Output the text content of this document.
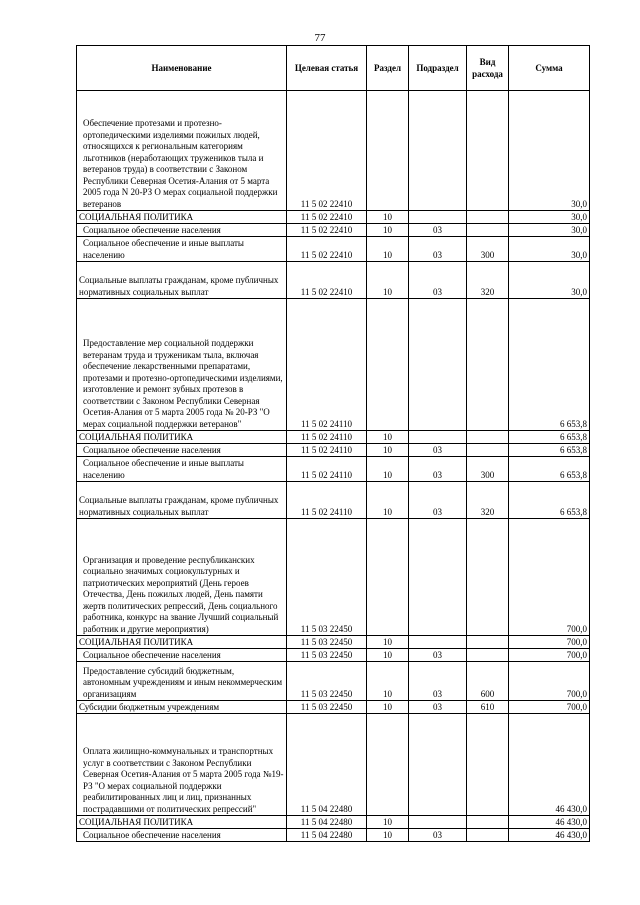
77
Наименование	Целевая статья	Раздел	Подраздел	Вид расхода	Сумма
Обеспечение протезами и протезно-ортопедическими изделиями пожилых людей, относящихся к региональным категориям льготников (неработающих тружеников тыла и ветеранов труда) в соответствии с Законом Республики Северная Осетия-Алания от 5 марта 2005 года N 20-РЗ О мерах социальной поддержки ветеранов	11 5 02 22410				30,0
СОЦИАЛЬНАЯ ПОЛИТИКА	11 5 02 22410	10			30,0
Социальное обеспечение населения	11 5 02 22410	10	03		30,0
Социальное обеспечение и иные выплаты населению	11 5 02 22410	10	03	300	30,0
Социальные выплаты гражданам, кроме публичных нормативных социальных выплат	11 5 02 22410	10	03	320	30,0
Предоставление мер социальной поддержки ветеранам труда и труженикам тыла, включая обеспечение лекарственными препаратами, протезами и протезно-ортопедическими изделиями, изготовление и ремонт зубных протезов в соответствии с Законом Республики Северная Осетия-Алания от 5 марта 2005 года № 20-РЗ "О мерах социальной поддержки ветеранов"	11 5 02 24110				6 653,8
СОЦИАЛЬНАЯ ПОЛИТИКА	11 5 02 24110	10			6 653,8
Социальное обеспечение населения	11 5 02 24110	10	03		6 653,8
Социальное обеспечение и иные выплаты населению	11 5 02 24110	10	03	300	6 653,8
Социальные выплаты гражданам, кроме публичных нормативных социальных выплат	11 5 02 24110	10	03	320	6 653,8
Организация и проведение республиканских социально значимых социокультурных и патриотических мероприятий (День героев Отечества, День пожилых людей, День памяти жертв политических репрессий, День социального работника, конкурс на звание Лучший социальный работник и другие мероприятия)	11 5 03 22450				700,0
СОЦИАЛЬНАЯ ПОЛИТИКА	11 5 03 22450	10			700,0
Социальное обеспечение населения	11 5 03 22450	10	03		700,0
Предоставление субсидий бюджетным, автономным учреждениям и иным некоммерческим организациям	11 5 03 22450	10	03	600	700,0
Субсидии бюджетным учреждениям	11 5 03 22450	10	03	610	700,0
Оплата жилищно-коммунальных и транспортных услуг в соответствии с Законом Республики Северная Осетия-Алания от 5 марта 2005 года №19-РЗ "О мерах социальной поддержки реабилитированных лиц и лиц, признанных пострадавшими от политических репрессий"	11 5 04 22480				46 430,0
СОЦИАЛЬНАЯ ПОЛИТИКА	11 5 04 22480	10			46 430,0
Социальное обеспечение населения	11 5 04 22480	10	03		46 430,0
